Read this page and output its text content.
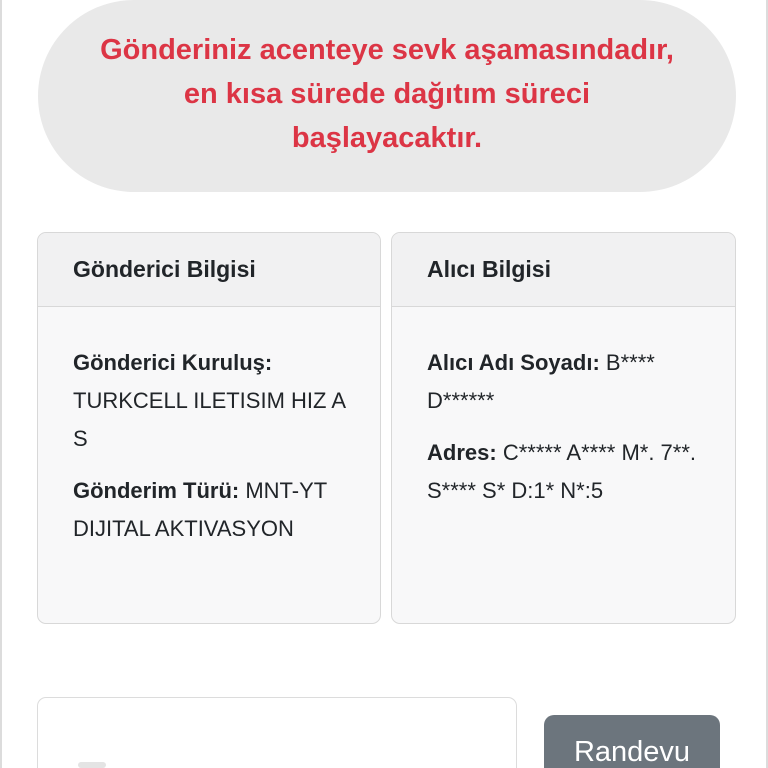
Gönderiniz acenteye sevk aşamasındadır, en kısa sürede dağıtım süreci başlayacaktır.
Gönderici Bilgisi

Gönderici Kuruluş:
TURKCELL ILETISIM HIZ A S

Gönderim Türü: MNT-YT DIJITAL AKTIVASYON

Alıcı Bilgisi

Alıcı Adı Soyadı: B**** D******

Adres: C***** A**** M*. 7**. S**** S* D:1* N*:5

Randevu
